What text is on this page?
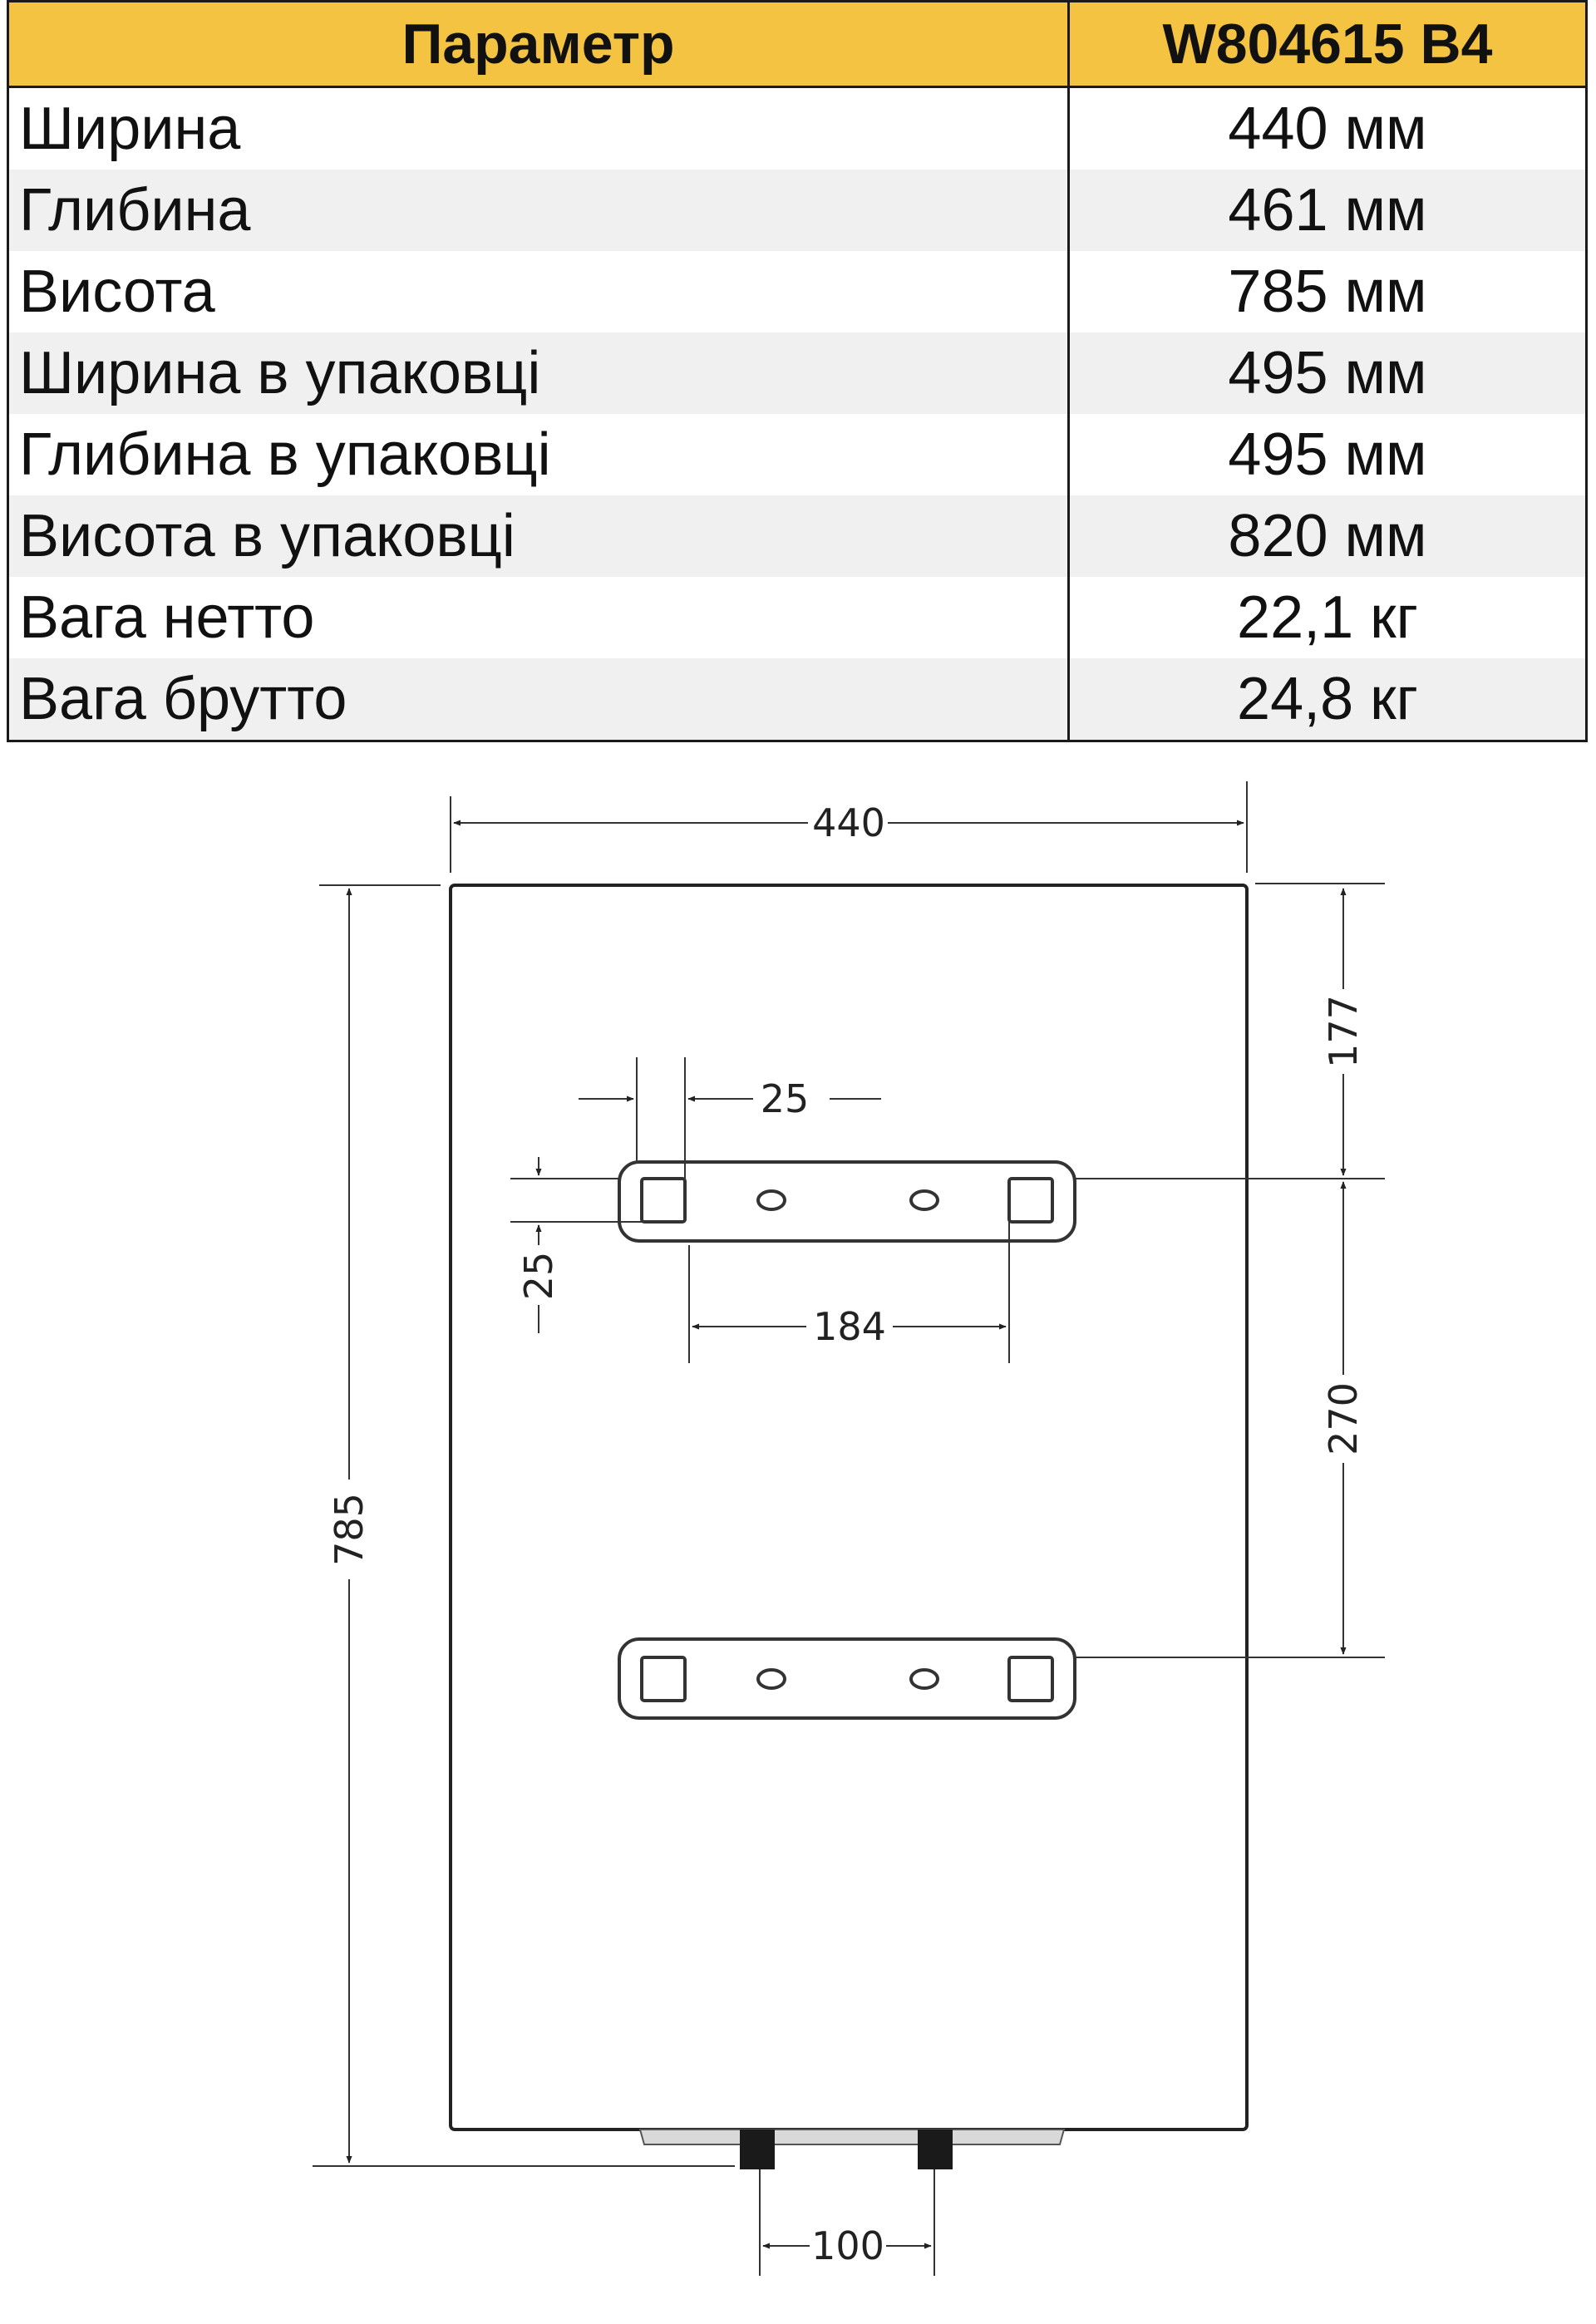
Параметр	W804615 B4
Ширина	440 мм
Глибина	461 мм
Висота	785 мм
Ширина в упаковці	495 мм
Глибина в упаковці	495 мм
Висота в упаковці	820 мм
Вага нетто	22,1 кг
Вага брутто	24,8 кг
440
785
177
270
25
25
184
100
